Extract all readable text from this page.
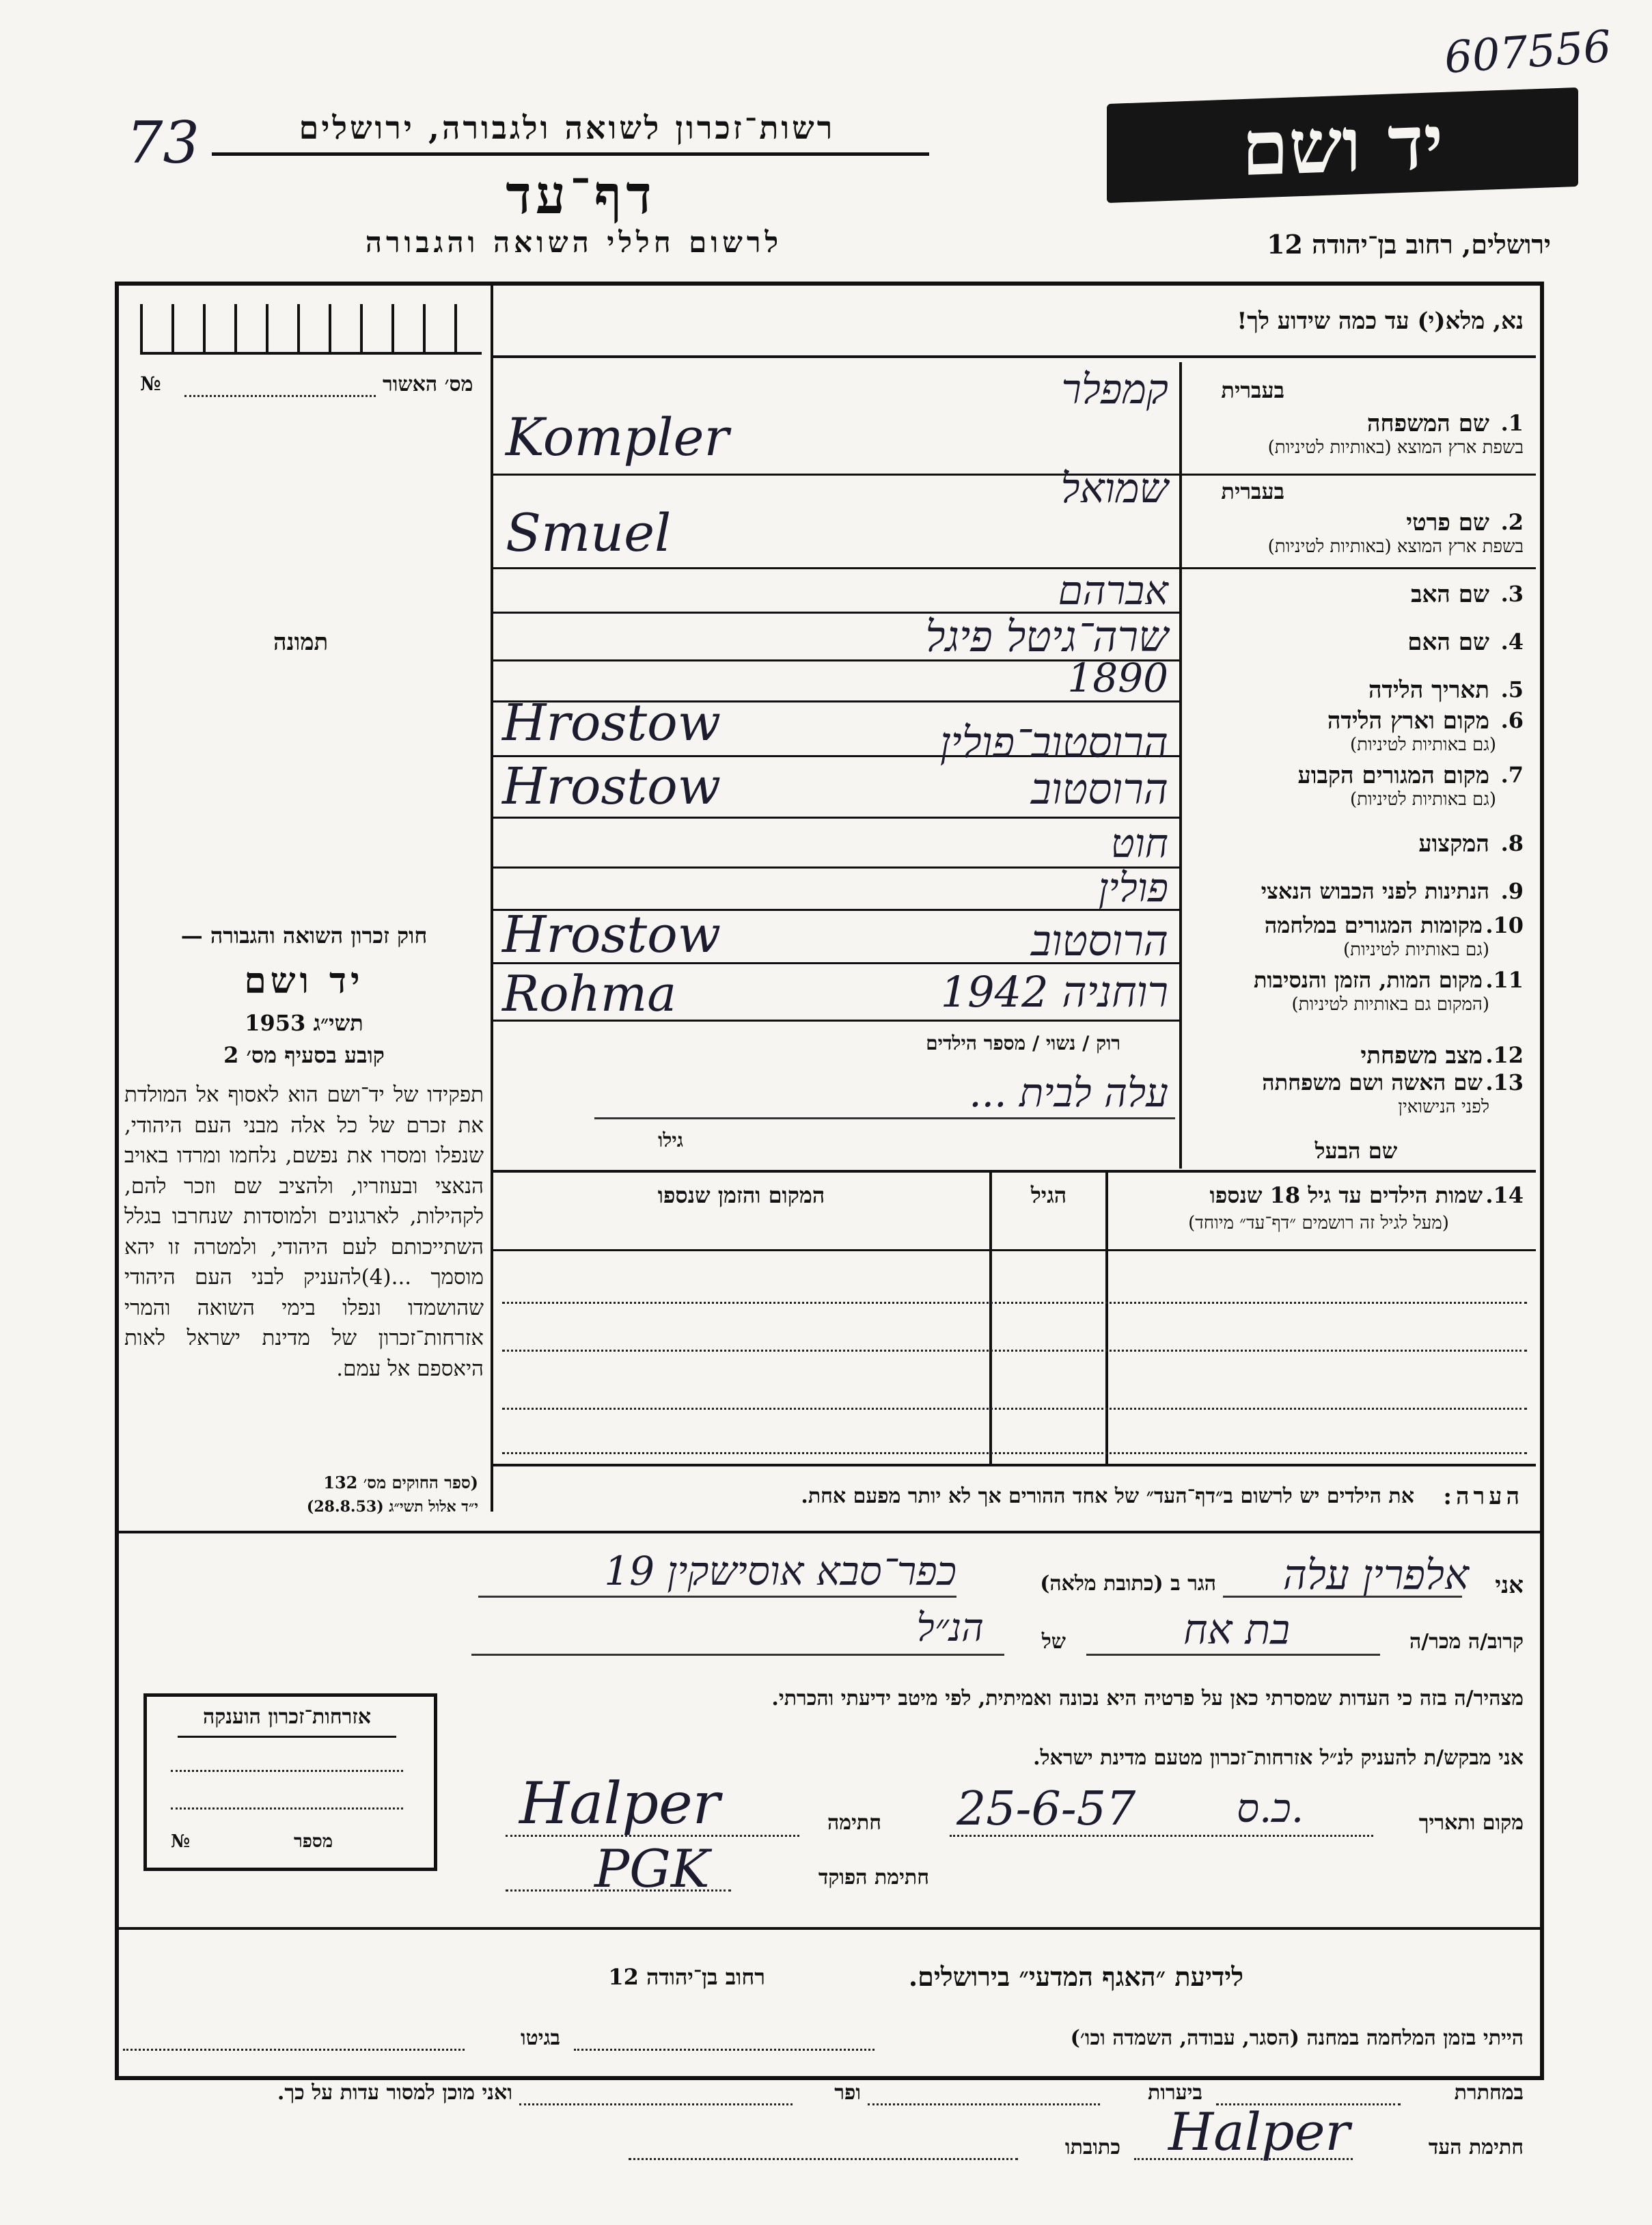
607556
73	רשות־זכרון לשואה ולגבורה, ירושלים
דף־עד
לרשום חללי השואה והגבורה
יד ושם
ירושלים, רחוב בן־יהודה 12
מס׳ האשור
№
תמונה
חוק זכרון השואה והגבורה —
יד ושם
תשי״ג 1953
קובע בסעיף מס׳ 2
תפקידו של יד־ושם הוא לאסוף אל המולדת את זכרם של כל אלה מבני העם היהודי, שנפלו ומסרו את נפשם, נלחמו ומרדו באויב הנאצי ובעוזריו, ולהציב שם וזכר להם, לקהילות, לארגונים ולמוסדות שנחרבו בגלל השתייכותם לעם היהודי, ולמטרה זו יהא מוסמך ...(4)להעניק לבני העם היהודי שהושמדו ונפלו בימי השואה והמרי אזרחות־זכרון של מדינת ישראל לאות היאספם אל עמם.
(ספר החוקים מס׳ 132
י״ד אלול תשי״ג (28.8.53)
אזרחות־זכרון הוענקה
מספר
№
נא, מלא(י) עד כמה שידוע לך!
בעברית
1.
שם המשפחה
בשפת ארץ המוצא (באותיות לטיניות)
בעברית
2.
שם פרטי
בשפת ארץ המוצא (באותיות לטיניות)
3.
שם האב
4.
שם האם
5.
תאריך הלידה
6.
מקום וארץ הלידה
(גם באותיות לטיניות)
7.
מקום המגורים הקבוע
(גם באותיות לטיניות)
8.
המקצוע
9.
הנתינות לפני הכבוש הנאצי
10.
מקומות המגורים במלחמה
(גם באותיות לטיניות)
11.
מקום המות, הזמן והנסיבות
(המקום גם באותיות לטיניות)
12.
מצב משפחתי
13.
שם האשה ושם משפחתה
לפני הנישואין
שם הבעל
קמפלר
Kompler
שמואל
Smuel
אברהם
שרה־גיטל פיגל
1890
הרוסטוב־פולין
Hrostow
הרוסטוב
Hrostow
חוט
פולין
הרוסטוב
Hrostow
רוחניה 1942
Rohma
רוק / נשוי / מספר הילדים
עלה לבית ...
גילו
14.
שמות הילדים עד גיל 18 שנספו
(מעל לגיל זה רושמים ״דף־עד״ מיוחד)
הגיל
המקום והזמן שנספו
הערה:
את הילדים יש לרשום ב״דף־העד״ של אחד ההורים אך לא יותר מפעם אחת.
אני
אלפרין עלה
הגר ב (כתובת מלאה)
כפר־סבא אוסישקין 19
קרוב/ה מכר/ה
בת אח
של
הנ״ל
מצהיר/ה בזה כי העדות שמסרתי כאן על פרטיה היא נכונה ואמיתית, לפי מיטב ידיעתי והכרתי.
אני מבקש/ת להעניק לנ״ל אזרחות־זכרון מטעם מדינת ישראל.
מקום ותאריך
כ.ס.
25-6-57
חתימה
Halper
חתימת הפוקד
PGK
לידיעת ״האגף המדעי״ בירושלים.
רחוב בן־יהודה 12
הייתי בזמן המלחמה במחנה (הסגר, עבודה, השמדה וכו׳)
בגיטו
במחתרת
ביערות
ופר
ואני מוכן למסור עדות על כך.
חתימת העד
Halper
כתובתו
